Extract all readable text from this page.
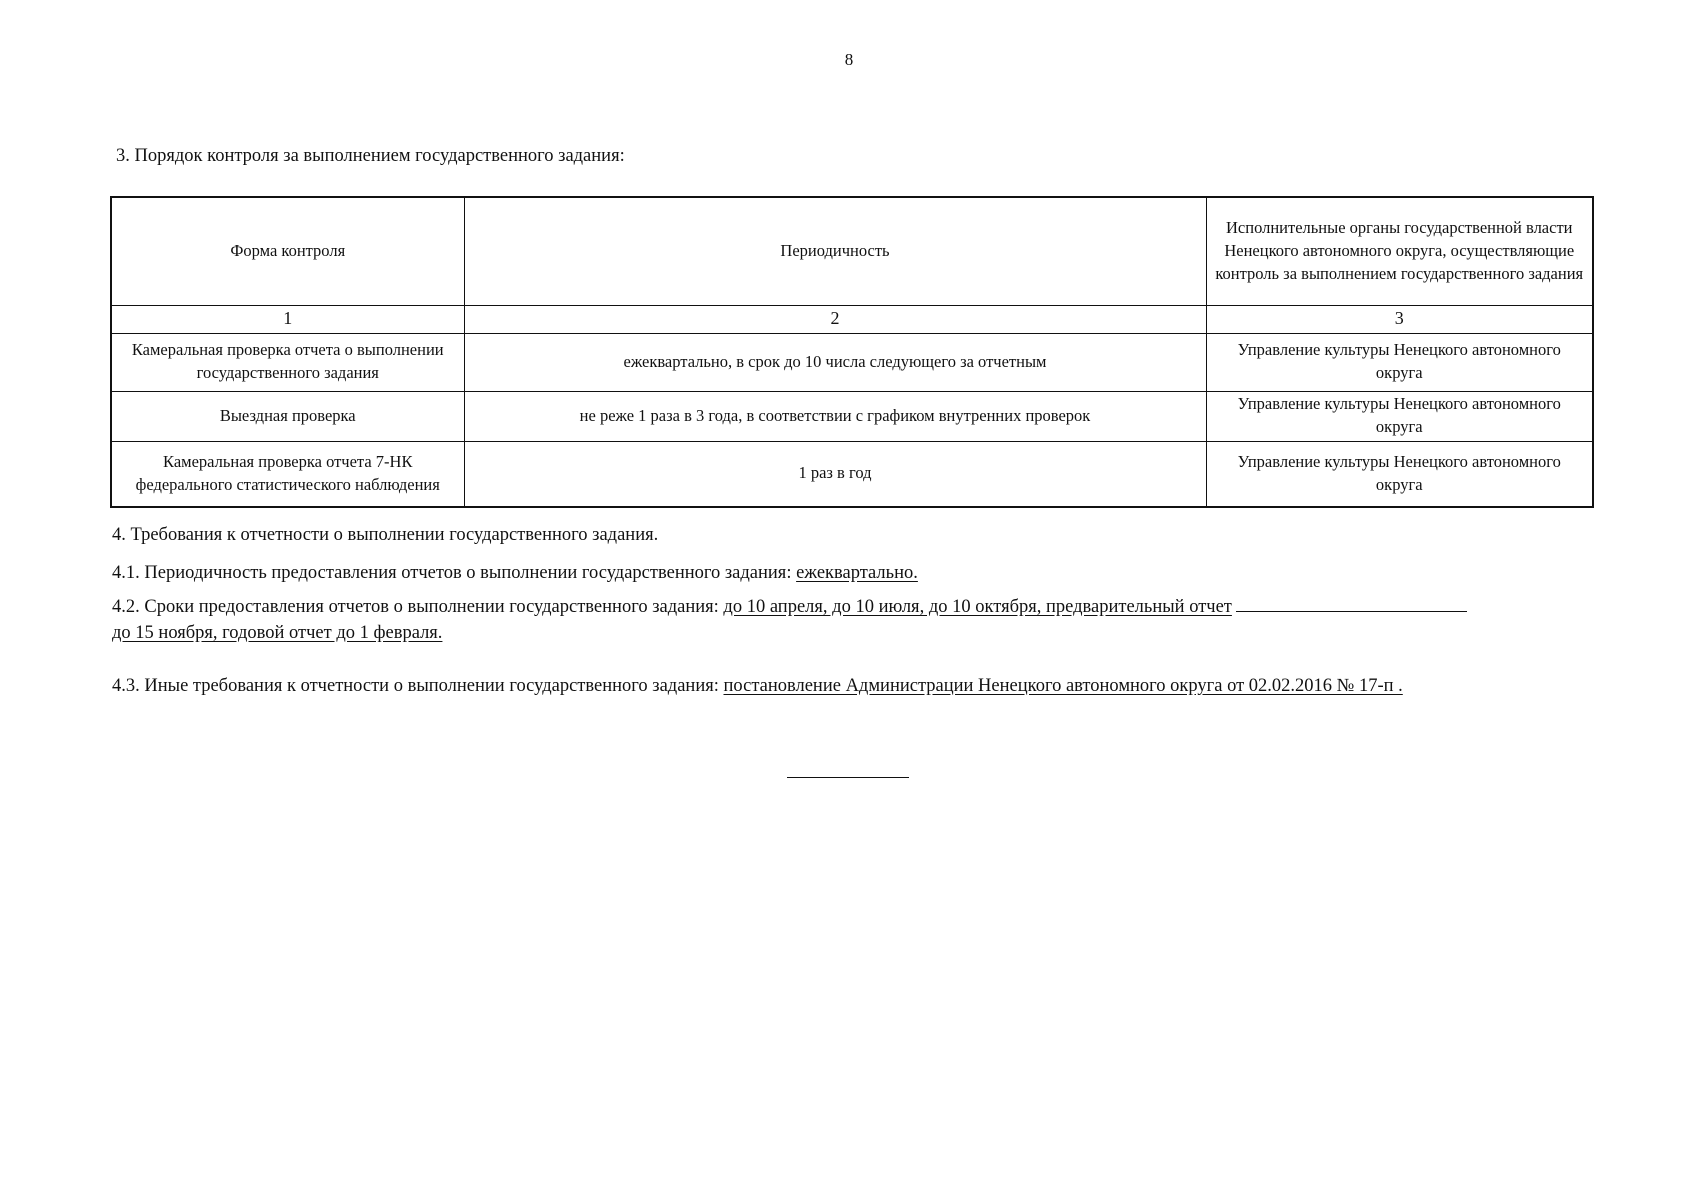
8
3. Порядок контроля за выполнением государственного задания:
Форма контроля	Периодичность	Исполнительные органы государственной власти Ненецкого автономного округа, осуществляющие контроль за выполнением государственного задания
1	2	3
Камеральная проверка отчета о выполнении государственного задания	ежеквартально, в срок до 10 числа следующего за отчетным	Управление культуры Ненецкого автономного округа
Выездная проверка	не реже 1 раза в 3 года, в соответствии с графиком внутренних проверок	Управление культуры Ненецкого автономного округа
Камеральная проверка отчета 7-НК федерального статистического наблюдения	1 раз в год	Управление культуры Ненецкого автономного округа
4. Требования к отчетности о выполнении государственного задания.
4.1. Периодичность предоставления отчетов о выполнении государственного задания: ежеквартально.
4.2. Сроки предоставления отчетов о выполнении государственного задания: до 10 апреля, до 10 июля, до 10 октября, предварительный отчет
до 15 ноября, годовой отчет до 1 февраля.
4.3. Иные требования к отчетности о выполнении государственного задания: постановление Администрации Ненецкого автономного округа от 02.02.2016 № 17-п .
